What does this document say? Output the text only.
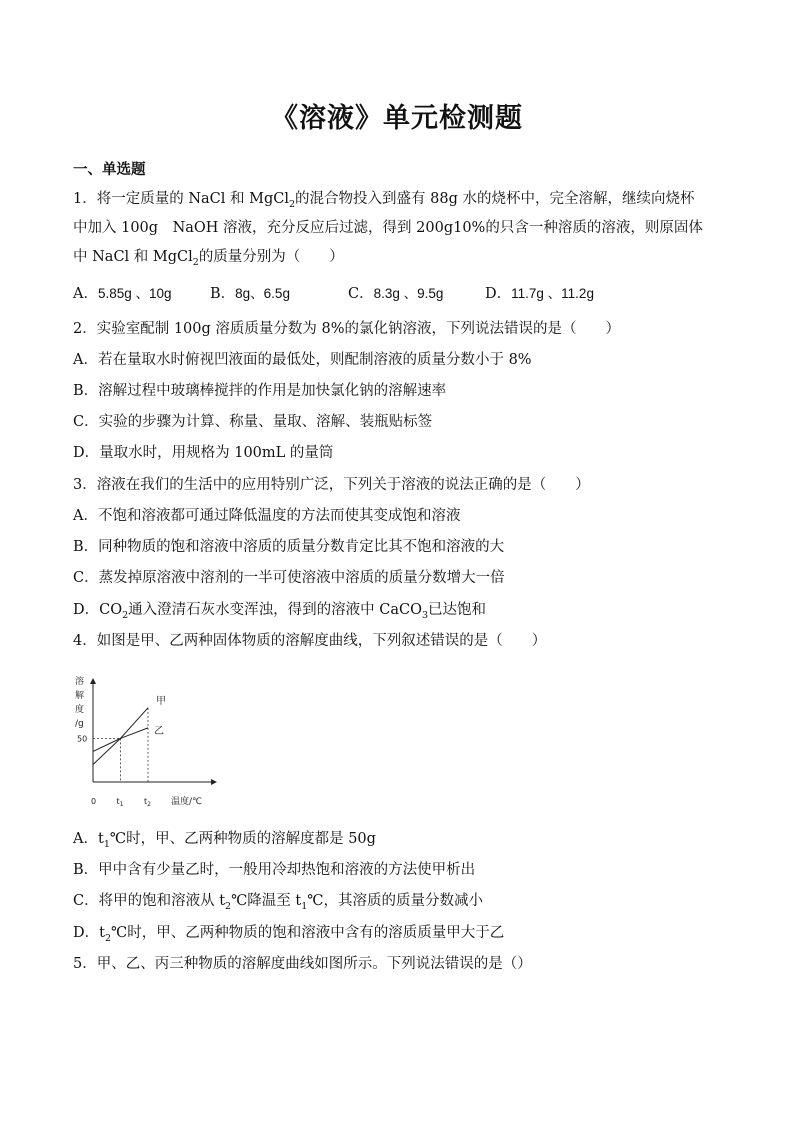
《溶液》单元检测题
一、单选题
1．将一定质量的 NaCl 和 MgCl$_2$的混合物投入到盛有 88g 水的烧杯中，完全溶解，继续向烧杯
中加入 100g　NaOH 溶液，充分反应后过滤，得到 200g10%的只含一种溶质的溶液，则原固体
中 NaCl 和 MgCl$_2$的质量分别为（　　）
A．5.85g 、10g	B．8g、6.5g	C．8.3g 、9.5g	D．11.7g 、11.2g
2．实验室配制 100g 溶质质量分数为 8%的氯化钠溶液，下列说法错误的是（　　）
A．若在量取水时俯视凹液面的最低处，则配制溶液的质量分数小于 8%
B．溶解过程中玻璃棒搅拌的作用是加快氯化钠的溶解速率
C．实验的步骤为计算、称量、量取、溶解、装瓶贴标签
D．量取水时，用规格为 100mL 的量筒
3．溶液在我们的生活中的应用特别广泛，下列关于溶液的说法正确的是（　　）
A．不饱和溶液都可通过降低温度的方法而使其变成饱和溶液
B．同种物质的饱和溶液中溶质的质量分数肯定比其不饱和溶液的大
C．蒸发掉原溶液中溶剂的一半可使溶液中溶质的质量分数增大一倍
D．$CO_2$通入澄清石灰水变浑浊，得到的溶液中 CaCO$_3$已达饱和
4．如图是甲、乙两种固体物质的溶解度曲线，下列叙述错误的是（　　）
溶
解
度
/g
0	温度/℃
50
$t_1$	$t_2$
甲
乙
A．$t_1℃$时，甲、乙两种物质的溶解度都是 50g
B．甲中含有少量乙时，一般用冷却热饱和溶液的方法使甲析出
C．将甲的饱和溶液从 $t_2℃$降温至 $t_1℃$，其溶质的质量分数减小
D．$t_2℃$时，甲、乙两种物质的饱和溶液中含有的溶质质量甲大于乙
5．甲、乙、丙三种物质的溶解度曲线如图所示。下列说法错误的是（）
